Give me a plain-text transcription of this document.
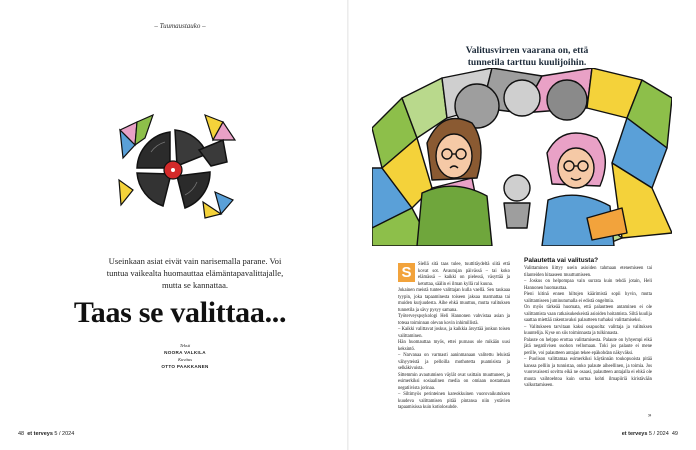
– Tuumaustauko –
Useinkaan asiat eivät vain narisemalla parane. Voi tuntua vaikealta huomauttaa elämäntapavalittajalle, mutta se kannattaa.
Taas se valittaa...
Teksti
NOORA VALKILA
Kuvitus
OTTO PAAKKANEN
48 et terveys 5 / 2024
Valitusvirren vaarana on, että tunnetila tarttuu kuulijoihin.
S	Siellä sitä taas tulee, tuuttitäydeltä siitä että kovat sot. Avautujan päivässä – tai koko elämässä – kaikki on pielessä, väsyttää ja ketuttaa, säälin ei ilman kyllä ral kuuna.

Jokainen meistä tuntee valittajan kulla vaellä. Sen taukaaa tyypin, joka tapaaminesta toiseen jaksaa marmattaa tai muiden kurjuudesta. Aihe ehkä muuttuu, mutta valituksen tunnetila ja sävy pysyy samana.

Työterveyspsykologi Heli Hannonen vahvistaa asian ja toteaa toiminnan olevan kovin inhimillistä.

– Kaikki valittavat joskus, ja kaikkia ärsyttää jonkun toisen valittaminen.

Hän huomauttaa myös, ettei purnaus ole mikään uusi keksintö.

– Narvanaa on varmasti aaninmanaan valitettu leluistä vähyyteistä ja pelloilla mothotetta puamisista ja selkäkivuista.

Sittemmin avautumisen väylät ovat usittain muuttuneet, ja esimerkiksi sosiaalinen media on omiaan nostamaan negatiivista jorinaa.

– Siltimyös perinteinen kareokkuinen vuorovaikutuksen kuudeva valittamisen pitää pintansa niin ystävien tapaamisissa kuin kotiolosuhde.

Palautetta vai valitusta?

Valittaminen liittyy usein asioiden tahmaan etenemiseen tai tilanteiden hitaaseen muuttumiseen.

– Joskus on helpompaa vain surrata kuin tehdä jotain, Heli Hannonen huomauttaa.

Pieni kitinä ennen hiltojen käärimistä sopii hyvin, mutta valittamiseen juminutumalla ei edistä ongelmia.

On myös tärkeää huomata, että palautteen antaminen ei ole valittamista vaan ratkaisukeskeistä asioiden hoitamista. Siltä kuulija saattaa miettää rakentavaksi palautteen turhaksi valittamiseksi.

– Valitukseen tarvitaan kaksi osapuolta: valittaja ja valituksen kuuntelija. Kyse on siis toiminnasta ja tulkinnasta.

Palaute on helppo erottaa valittamisesta. Palaute on lyhyempi eikä jätä negatiivisen suohon vellomaan. Toki jos palaute ei mene perille, voi palautteen antajan tekee epäkohdan näkyväksi.

– Puolison valittamaa esimerkiksi käytännän toukopuoista pitää kanssa pelliin ja tunnistaa, onko palaute aiheellinen, ja toimia. Jos vuorovaisesti sovittu eikä ne osaasi, palautteen antajalla ei ehkä ole muuta vaihtoehtoa kuin sortua kohti ilmapiiriä kiristävään valkuttamiseen.

»
et terveys 5 / 2024 49
